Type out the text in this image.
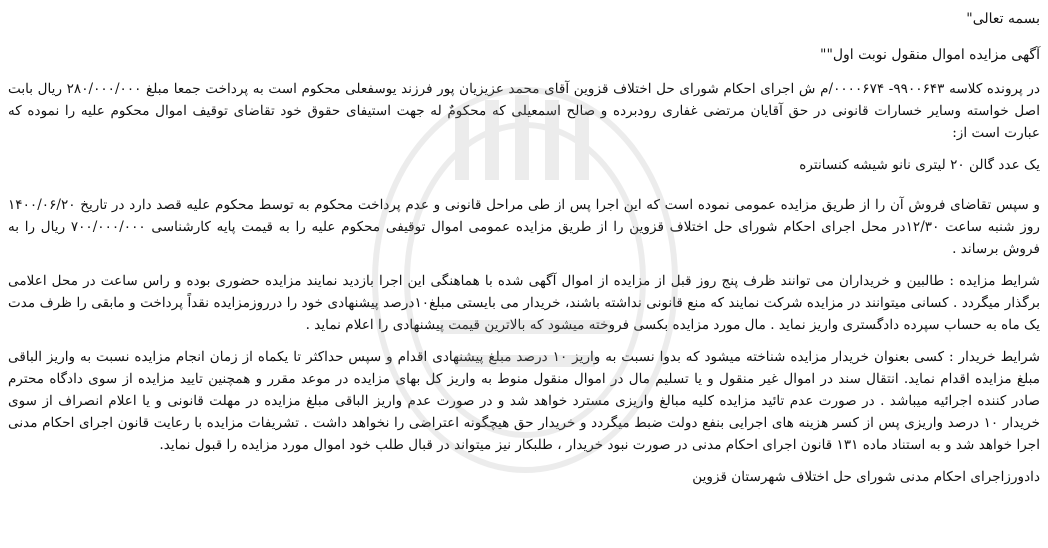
بسمه تعالی"

آگهی مزایده اموال منقول نوبت اول""

در پرونده کلاسه ۹۹۰۰۶۴۳- ۰۰۰۰۶۷۴/م ش اجرای احکام شورای حل اختلاف قزوین آقای محمد عزیزیان پور فرزند یوسفعلی محکوم است به پرداخت جمعا مبلغ ۲۸۰/۰۰۰/۰۰۰ ریال بابت اصل خواسته وسایر خسارات قانونی در حق آقایان مرتضی غفاری رودبرده و صالح اسمعیلی که محکومٌ له جهت استیفای حقوق خود تقاضای توقیف اموال محکوم علیه را نموده که عبارت است از:

یک عدد گالن ۲۰ لیتری نانو شیشه کنسانتره

و سپس تقاضای فروش آن را از طریق مزایده عمومی نموده است که این اجرا پس از طی مراحل قانونی و عدم پرداخت محکوم به توسط محکوم علیه قصد دارد در تاریخ ۱۴۰۰/۰۶/۲۰ روز شنبه ساعت ۱۲/۳۰در محل اجرای احکام شورای حل اختلاف قزوین را از طریق مزایده عمومی اموال توقیفی محکوم علیه را به قیمت پایه کارشناسی ۷۰۰/۰۰۰/۰۰۰ ریال را به فروش برساند .

شرایط مزایده : طالبین و خریداران می توانند ظرف پنج روز قبل از مزایده از اموال آگهی شده با هماهنگی این اجرا بازدید نمایند مزایده حضوری بوده و راس ساعت در محل اعلامی برگذار میگردد . کسانی میتوانند در مزایده شرکت نمایند که منع قانونی نداشته باشند، خریدار می بایستی مبلغ۱۰درصد پیشنهادی خود را درروزمزایده نقداً پرداخت و مابقی را ظرف مدت یک ماه به حساب سپرده دادگستری واریز نماید . مال مورد مزایده بکسی فروخته میشود که بالاترین قیمت پیشنهادی را اعلام نماید .

شرایط خریدار : کسی بعنوان خریدار مزایده شناخته میشود که بدوا نسبت به واریز ۱۰ درصد مبلغ پیشنهادی اقدام و سپس حداکثر تا یکماه از زمان انجام مزایده نسبت به واریز الباقی مبلغ مزایده اقدام نماید. انتقال سند در اموال غیر منقول و یا تسلیم مال در اموال منقول منوط به واریز کل بهای مزایده در موعد مقرر و همچنین تایید مزایده از سوی دادگاه محترم صادر کننده اجرائیه میباشد . در صورت عدم تائید مزایده کلیه مبالغ واریزی مسترد خواهد شد و در صورت عدم واریز الباقی مبلغ مزایده در مهلت قانونی و یا اعلام انصراف از سوی خریدار ۱۰ درصد واریزی پس از کسر هزینه های اجرایی بنفع دولت ضبط میگردد و خریدار حق هیچگونه اعتراضی را نخواهد داشت . تشریفات مزایده با رعایت قانون اجرای احکام مدنی اجرا خواهد شد و به استناد ماده ۱۳۱ قانون اجرای احکام مدنی در صورت نبود خریدار ، طلبکار نیز میتواند در قبال طلب خود اموال مورد مزایده را قبول نماید.

دادورزاجرای احکام مدنی شورای حل اختلاف شهرستان قزوین
